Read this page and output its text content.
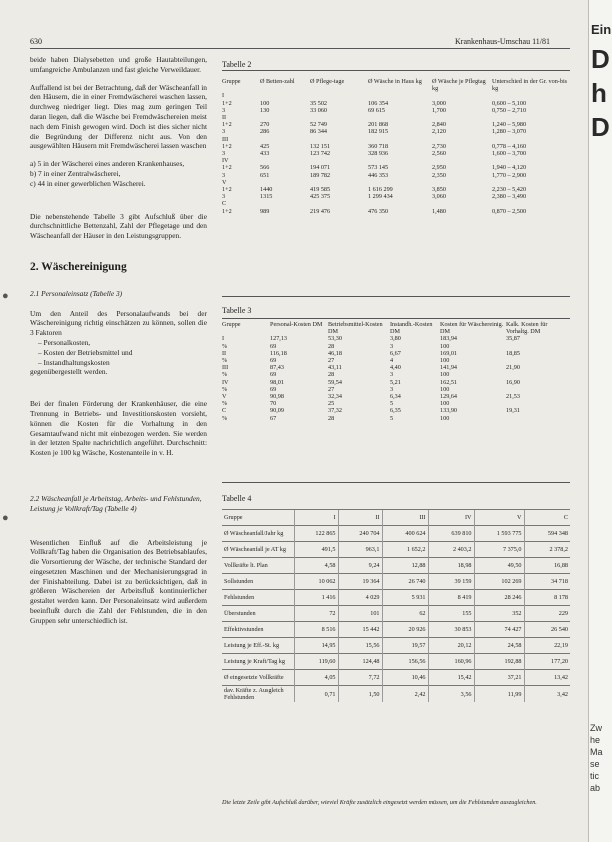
630	Krankenhaus-Umschau 11/81
●
●

beide haben Dialysebetten und große Hautabteilungen, umfangreiche Ambulanzen und fast gleiche Verweildauer.

Auffallend ist bei der Betrachtung, daß der Wäscheanfall in den Häusern, die in einer Fremdwäscherei waschen lassen, durchweg niedriger liegt. Dies mag zum geringen Teil daran liegen, daß die Wäsche bei Fremdwäschereien meist nach dem Finish gewogen wird. Doch ist dies sicher nicht die Begründung der Differenz nicht aus. Von den ausgewählten Häusern mit Fremdwäscherei lassen waschen

a) 5 in der Wäscherei eines anderen Krankenhauses,
b) 7 in einer Zentralwäscherei,
c) 44 in einer gewerblichen Wäscherei.

Die nebenstehende Tabelle 3 gibt Aufschluß über die durchschnittliche Bettenzahl, Zahl der Pflegetage und den Wäscheanfall der Häuser in den Leistungsgruppen.

2. Wäschereinigung
2.1 Personaleinsatz (Tabelle 3)

Um den Anteil des Personalaufwands bei der Wäschereinigung richtig einschätzen zu können, sollen die 3 Faktoren

– Personalkosten,
– Kosten der Betriebsmittel und
– Instandhaltungskosten

gegenübergestellt werden.

Bei der finalen Förderung der Krankenhäuser, die eine Trennung in Betriebs- und Investitionskosten vorsieht, können die Kosten für die Vorhaltung in den Gesamtaufwand nicht mit einbezogen werden. Sie werden in der letzten Spalte nachrichtlich angeführt. Durchschnitt: Kosten je 100 kg Wäsche, Kostenanteile in v. H.

2.2 Wäscheanfall je Arbeitstag, Arbeits- und Fehlstunden, Leistung je Vollkraft/Tag (Tabelle 4)

Wesentlichen Einfluß auf die Arbeitsleistung je Vollkraft/Tag haben die Organisation des Betriebsablaufes, die Vorsortierung der Wäsche, der technische Standard der eingesetzten Maschinen und der Mechanisierungsgrad in der Finishabteilung. Dabei ist zu berücksichtigen, daß in größeren Wäschereien der Arbeitsfluß kontinuierlicher gestaltet werden kann. Der Personaleinsatz wird außerdem beeinflußt durch die Zahl der Fehlstunden, die in den Gruppen sehr unterschiedlich ist.

Tabelle 2
Gruppe	Ø Betten-zahl	Ø Pflege-tage	Ø Wäsche in Haus kg	Ø Wäsche je Pflegtag kg	Unterschied in der Gr. von-bis kg
I					
1+2	100	35 502	106 354	3,000	0,600 – 5,100
3	130	33 060	69 615	1,700	0,750 – 2,710
II					
1+2	270	52 749	201 868	2,840	1,240 – 5,980
3	286	86 344	182 915	2,120	1,280 – 3,070
III					
1+2	425	132 151	360 718	2,730	0,778 – 4,160
3	433	123 742	328 936	2,560	1,600 – 3,700
IV					
1+2	566	194 071	573 145	2,950	1,940 – 4,120
3	651	189 782	446 353	2,350	1,770 – 2,900
V					
1+2	1440	419 585	1 616 299	3,850	2,230 – 5,420
3	1315	425 375	1 299 434	3,060	2,380 – 3,490
C					
1+2	989	219 476	476 350	1,480	0,870 – 2,500
Tabelle 3
Gruppe	Personal-Kosten DM	Betriebsmittel-Kosten DM	Instandh.-Kosten DM	Kosten für Wäschereinig. DM	Kalk. Kosten für Vorhaltg. DM
I	127,13	53,30	3,80	183,94	35,87
%	69	28	3	100	
II	116,18	46,18	6,67	169,01	18,85
%	69	27	4	100	
III	87,43	43,11	4,40	141,94	21,90
%	69	28	3	100	
IV	98,01	59,54	5,21	162,51	16,90
%	69	27	3	100	
V	90,98	32,34	6,34	129,64	21,53
%	70	25	5	100	
C	90,09	37,32	6,35	133,90	19,31
%	67	28	5	100	
Tabelle 4
Gruppe	I	II	III	IV	V	C
Ø Wäscheanfall/Jahr kg	122 865	240 704	400 624	639 810	1 593 775	594 348
Ø Wäscheanfall je AT kg	491,5	963,1	1 652,2	2 403,2	7 375,0	2 378,2
Vollkräfte lt. Plan	4,58	9,24	12,88	18,98	49,50	16,88
Sollstunden	10 062	19 364	26 740	39 159	102 269	34 718
Fehlstunden	1 416	4 029	5 931	8 419	28 246	8 178
Überstunden	72	101	62	155	352	229
Effektivstunden	8 516	15 442	20 926	30 853	74 427	26 540
Leistung je Eff.-St. kg	14,95	15,56	19,57	20,12	24,58	22,19
Leistung je Kraft/Tag kg	119,60	124,48	156,56	160,96	192,88	177,20
Ø eingesetzte Vollkräfte	4,05	7,72	10,46	15,42	37,21	13,42
dav. Kräfte z. Ausgleich Fehlstunden	0,71	1,50	2,42	3,56	11,99	3,42
Die letzte Zeile gibt Aufschluß darüber, wieviel Kräfte zusätzlich eingesetzt werden müssen, um die Fehlstunden auszugleichen.
Ein
D
h
D
Zw
he
Ma
se
tic
ab
